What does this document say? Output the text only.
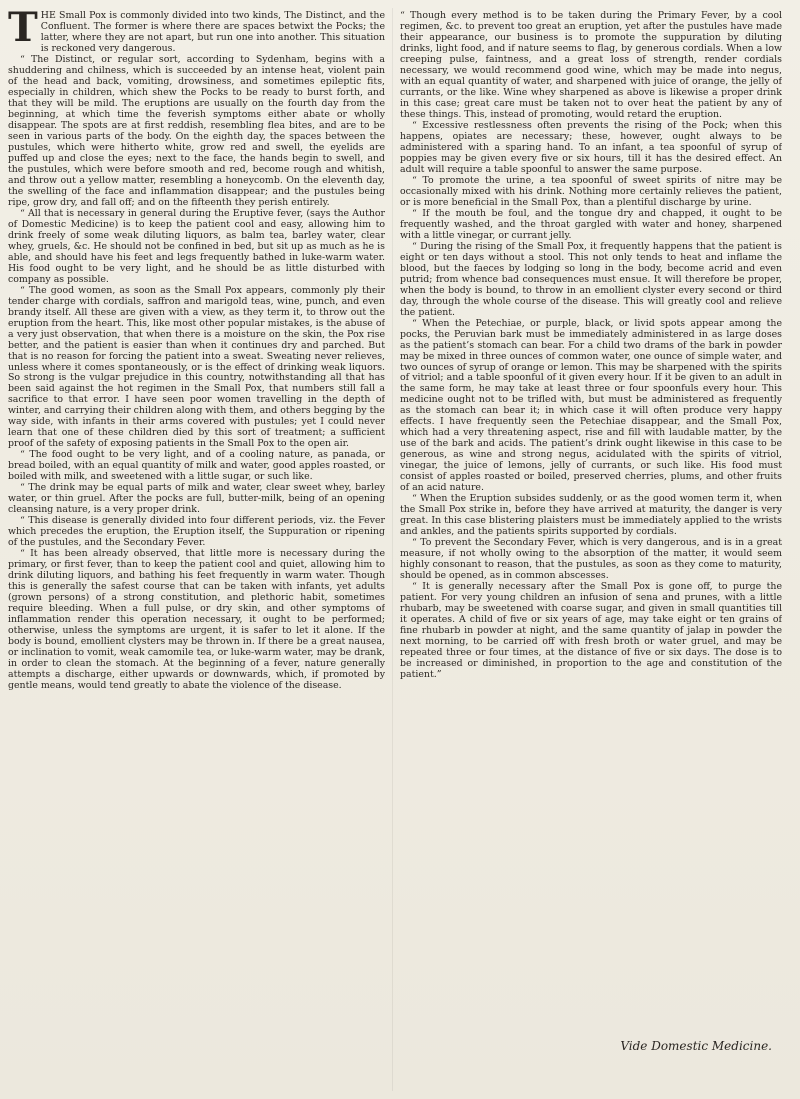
THE Small Pox is commonly divided into two kinds, The Distinct, and the Confluent. The former is where there are spaces betwixt the Pocks; the latter, where they are not apart, but run one into another. This situation is reckoned very dangerous.

“ The Distinct, or regular sort, according to Sydenham, begins with a shuddering and chilness, which is succeeded by an intense heat, violent pain of the head and back, vomiting, drowsiness, and sometimes epileptic fits, especially in children, which shew the Pocks to be ready to burst forth, and that they will be mild. The eruptions are usually on the fourth day from the beginning, at which time the feverish symptoms either abate or wholly disappear. The spots are at first reddish, resembling flea bites, and are to be seen in various parts of the body. On the eighth day, the spaces between the pustules, which were hitherto white, grow red and swell, the eyelids are puffed up and close the eyes; next to the face, the hands begin to swell, and the pustules, which were before smooth and red, become rough and whitish, and throw out a yellow matter, resembling a honeycomb. On the eleventh day, the swelling of the face and inflammation disappear; and the pustules being ripe, grow dry, and fall off; and on the fifteenth they perish entirely.

“ All that is necessary in general during the Eruptive fever, (says the Author of Domestic Medicine) is to keep the patient cool and easy, allowing him to drink freely of some weak diluting liquors, as balm tea, barley water, clear whey, gruels, &c. He should not be confined in bed, but sit up as much as he is able, and should have his feet and legs frequently bathed in luke-warm water. His food ought to be very light, and he should be as little disturbed with company as possible.

“ The good women, as soon as the Small Pox appears, commonly ply their tender charge with cordials, saffron and marigold teas, wine, punch, and even brandy itself. All these are given with a view, as they term it, to throw out the eruption from the heart. This, like most other popular mistakes, is the abuse of a very just observation, that when there is a moisture on the skin, the Pox rise better, and the patient is easier than when it continues dry and parched. But that is no reason for forcing the patient into a sweat. Sweating never relieves, unless where it comes spontaneously, or is the effect of drinking weak liquors. So strong is the vulgar prejudice in this country, notwithstanding all that has been said against the hot regimen in the Small Pox, that numbers still fall a sacrifice to that error. I have seen poor women travelling in the depth of winter, and carrying their children along with them, and others begging by the way side, with infants in their arms covered with pustules; yet I could never learn that one of these children died by this sort of treatment; a sufficient proof of the safety of exposing patients in the Small Pox to the open air.

“ The food ought to be very light, and of a cooling nature, as panada, or bread boiled, with an equal quantity of milk and water, good apples roasted, or boiled with milk, and sweetened with a little sugar, or such like.

“ The drink may be equal parts of milk and water, clear sweet whey, barley water, or thin gruel. After the pocks are full, butter-milk, being of an opening cleansing nature, is a very proper drink.

“ This disease is generally divided into four different periods, viz. the Fever which precedes the eruption, the Eruption itself, the Suppuration or ripening of the pustules, and the Secondary Fever.

“ It has been already observed, that little more is necessary during the primary, or first fever, than to keep the patient cool and quiet, allowing him to drink diluting liquors, and bathing his feet frequently in warm water. Though this is generally the safest course that can be taken with infants, yet adults (grown persons) of a strong constitution, and plethoric habit, sometimes require bleeding. When a full pulse, or dry skin, and other symptoms of inflammation render this operation necessary, it ought to be performed; otherwise, unless the symptoms are urgent, it is safer to let it alone. If the body is bound, emollient clysters may be thrown in. If there be a great nausea, or inclination to vomit, weak camomile tea, or luke-warm water, may be drank, in order to clean the stomach. At the beginning of a fever, nature generally attempts a discharge, either upwards or downwards, which, if promoted by gentle means, would tend greatly to abate the violence of the disease.

“ Though every method is to be taken during the Primary Fever, by a cool regimen, &c. to prevent too great an eruption, yet after the pustules have made their appearance, our business is to promote the suppuration by diluting drinks, light food, and if nature seems to flag, by generous cordials. When a low creeping pulse, faintness, and a great loss of strength, render cordials necessary, we would recommend good wine, which may be made into negus, with an equal quantity of water, and sharpened with juice of orange, the jelly of currants, or the like. Wine whey sharpened as above is likewise a proper drink in this case; great care must be taken not to over heat the patient by any of these things. This, instead of promoting, would retard the eruption.

“ Excessive restlessness often prevents the rising of the Pock; when this happens, opiates are necessary; these, however, ought always to be administered with a sparing hand. To an infant, a tea spoonful of syrup of poppies may be given every five or six hours, till it has the desired effect. An adult will require a table spoonful to answer the same purpose.

“ To promote the urine, a tea spoonful of sweet spirits of nitre may be occasionally mixed with his drink. Nothing more certainly relieves the patient, or is more beneficial in the Small Pox, than a plentiful discharge by urine.

“ If the mouth be foul, and the tongue dry and chapped, it ought to be frequently washed, and the throat gargled with water and honey, sharpened with a little vinegar, or currant jelly.

“ During the rising of the Small Pox, it frequently happens that the patient is eight or ten days without a stool. This not only tends to heat and inflame the blood, but the faeces by lodging so long in the body, become acrid and even putrid; from whence bad consequences must ensue. It will therefore be proper, when the body is bound, to throw in an emollient clyster every second or third day, through the whole course of the disease. This will greatly cool and relieve the patient.

“ When the Petechiae, or purple, black, or livid spots appear among the pocks, the Peruvian bark must be immediately administered in as large doses as the patient’s stomach can bear. For a child two drams of the bark in powder may be mixed in three ounces of common water, one ounce of simple water, and two ounces of syrup of orange or lemon. This may be sharpened with the spirits of vitriol; and a table spoonful of it given every hour. If it be given to an adult in the same form, he may take at least three or four spoonfuls every hour. This medicine ought not to be trifled with, but must be administered as frequently as the stomach can bear it; in which case it will often produce very happy effects. I have frequently seen the Petechiae disappear, and the Small Pox, which had a very threatening aspect, rise and fill with laudable matter, by the use of the bark and acids. The patient’s drink ought likewise in this case to be generous, as wine and strong negus, acidulated with the spirits of vitriol, vinegar, the juice of lemons, jelly of currants, or such like. His food must consist of apples roasted or boiled, preserved cherries, plums, and other fruits of an acid nature.

“ When the Eruption subsides suddenly, or as the good women term it, when the Small Pox strike in, before they have arrived at maturity, the danger is very great. In this case blistering plaisters must be immediately applied to the wrists and ankles, and the patients spirits supported by cordials.

“ To prevent the Secondary Fever, which is very dangerous, and is in a great measure, if not wholly owing to the absorption of the matter, it would seem highly consonant to reason, that the pustules, as soon as they come to maturity, should be opened, as in common abscesses.

“ It is generally necessary after the Small Pox is gone off, to purge the patient. For very young children an infusion of sena and prunes, with a little rhubarb, may be sweetened with coarse sugar, and given in small quantities till it operates. A child of five or six years of age, may take eight or ten grains of fine rhubarb in powder at night, and the same quantity of jalap in powder the next morning, to be carried off with fresh broth or water gruel, and may be repeated three or four times, at the distance of five or six days. The dose is to be increased or diminished, in proportion to the age and constitution of the patient.”

Vide Domestic Medicine.
